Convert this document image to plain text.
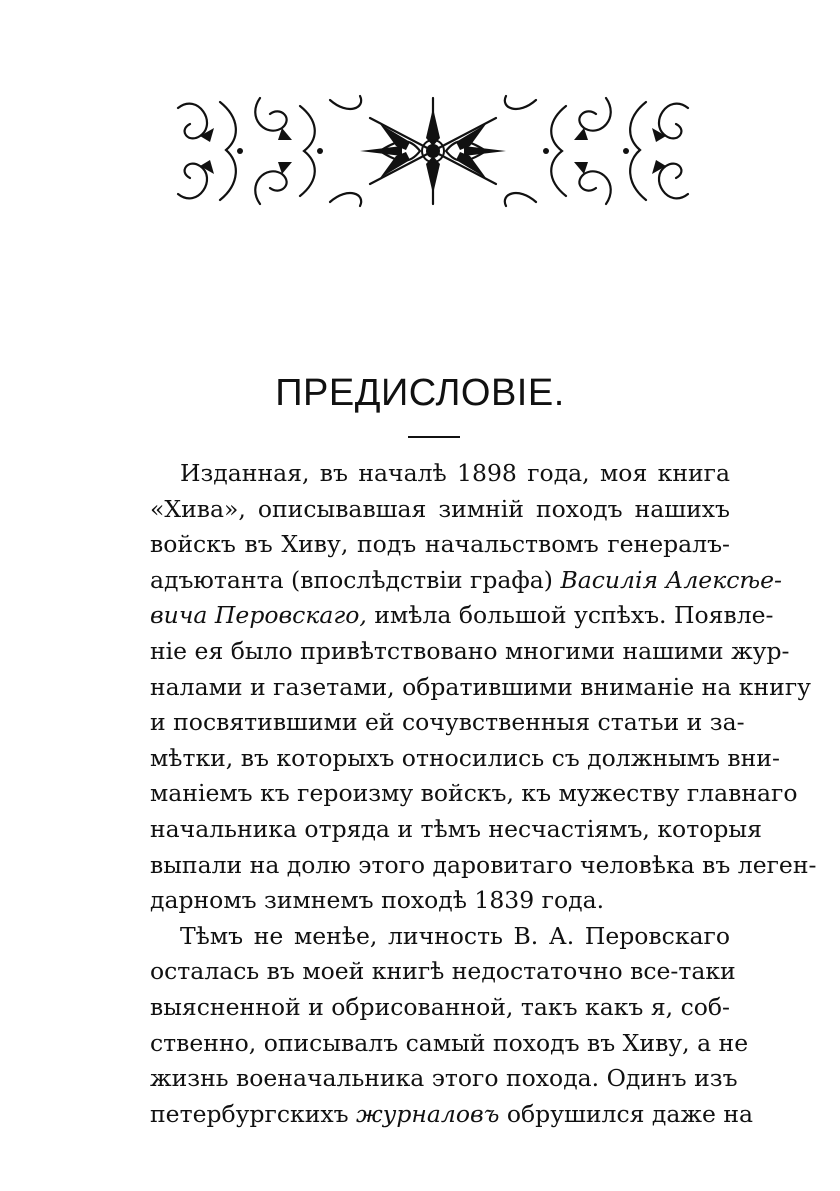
ПРЕДИСЛОВІЕ.
Изданная, въ началѣ 1898 года, моя книга
«Хива», описывавшая зимній походъ нашихъ
войскъ въ Хиву, подъ начальствомъ генералъ-
адъютанта (впослѣдствіи графа) Василія Алексѣе-
вича Перовскаго, имѣла большой успѣхъ. Появле-
ніе ея было привѣтствовано многими нашими жур-
налами и газетами, обратившими вниманіе на книгу
и посвятившими ей сочувственныя статьи и за-
мѣтки, въ которыхъ относились съ должнымъ вни-
маніемъ къ героизму войскъ, къ мужеству главнаго
начальника отряда и тѣмъ несчастіямъ, которыя
выпали на долю этого даровитаго человѣка въ леген-
дарномъ зимнемъ походѣ 1839 года.
Тѣмъ не менѣе, личность В. А. Перовскаго
осталась въ моей книгѣ недостаточно все-таки
выясненной и обрисованной, такъ какъ я, соб-
ственно, описывалъ самый походъ въ Хиву, а не
жизнь военачальника этого похода. Одинъ изъ
петербургскихъ журналовъ обрушился даже на
